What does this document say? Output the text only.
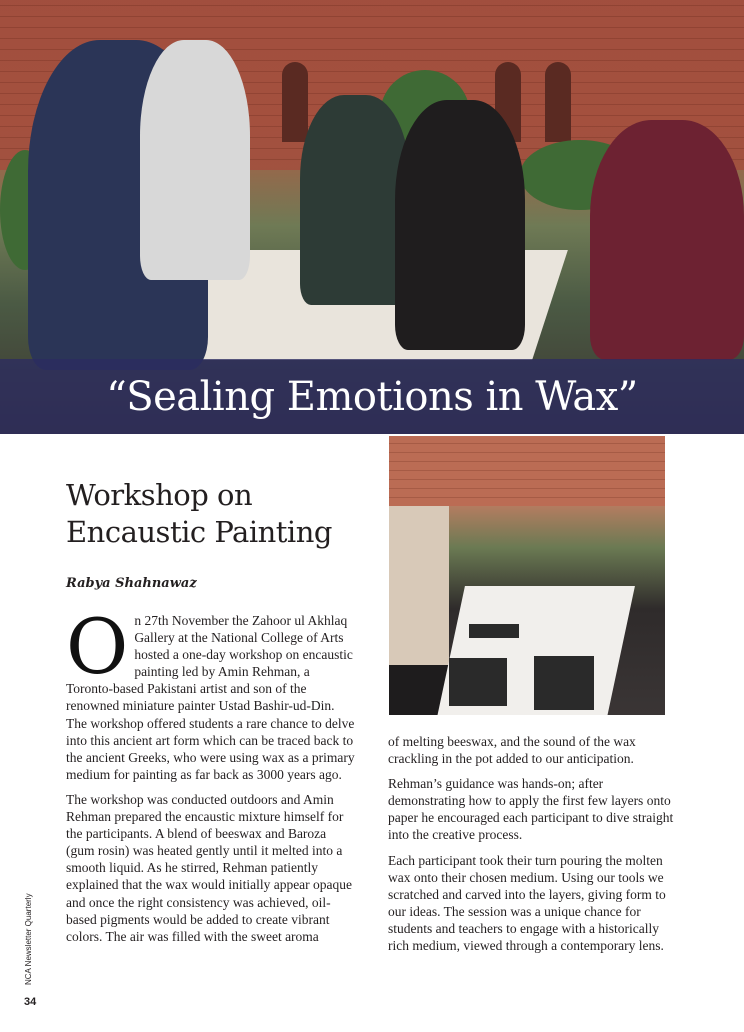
“Sealing Emotions in Wax”
Workshop on
Encaustic Painting
Rabya Shahnawaz

On 27th November the Zahoor ul Akhlaq Gallery at the National College of Arts hosted a one-day workshop on encaustic painting led by Amin Rehman, a Toronto-based Pakistani artist and son of the renowned miniature painter Ustad Bashir-ud-Din. The workshop offered students a rare chance to delve into this ancient art form which can be traced back to the ancient Greeks, who were using wax as a primary medium for painting as far back as 3000 years ago.

The workshop was conducted outdoors and Amin Rehman prepared the encaustic mixture himself for the participants. A blend of beeswax and Baroza (gum rosin) was heated gently until it melted into a smooth liquid. As he stirred, Rehman patiently explained that the wax would initially appear opaque and once the right consistency was achieved, oil-based pigments would be added to create vibrant colors. The air was filled with the sweet aroma

of melting beeswax, and the sound of the wax crackling in the pot added to our anticipation.

Rehman’s guidance was hands-on; after demonstrating how to apply the first few layers onto paper he encouraged each participant to dive straight into the creative process.

Each participant took their turn pouring the molten wax onto their chosen medium. Using our tools we scratched and carved into the layers, giving form to our ideas. The session was a unique chance for students and teachers to engage with a historically rich medium, viewed through a contemporary lens.

NCA Newsletter Quarterly
34
